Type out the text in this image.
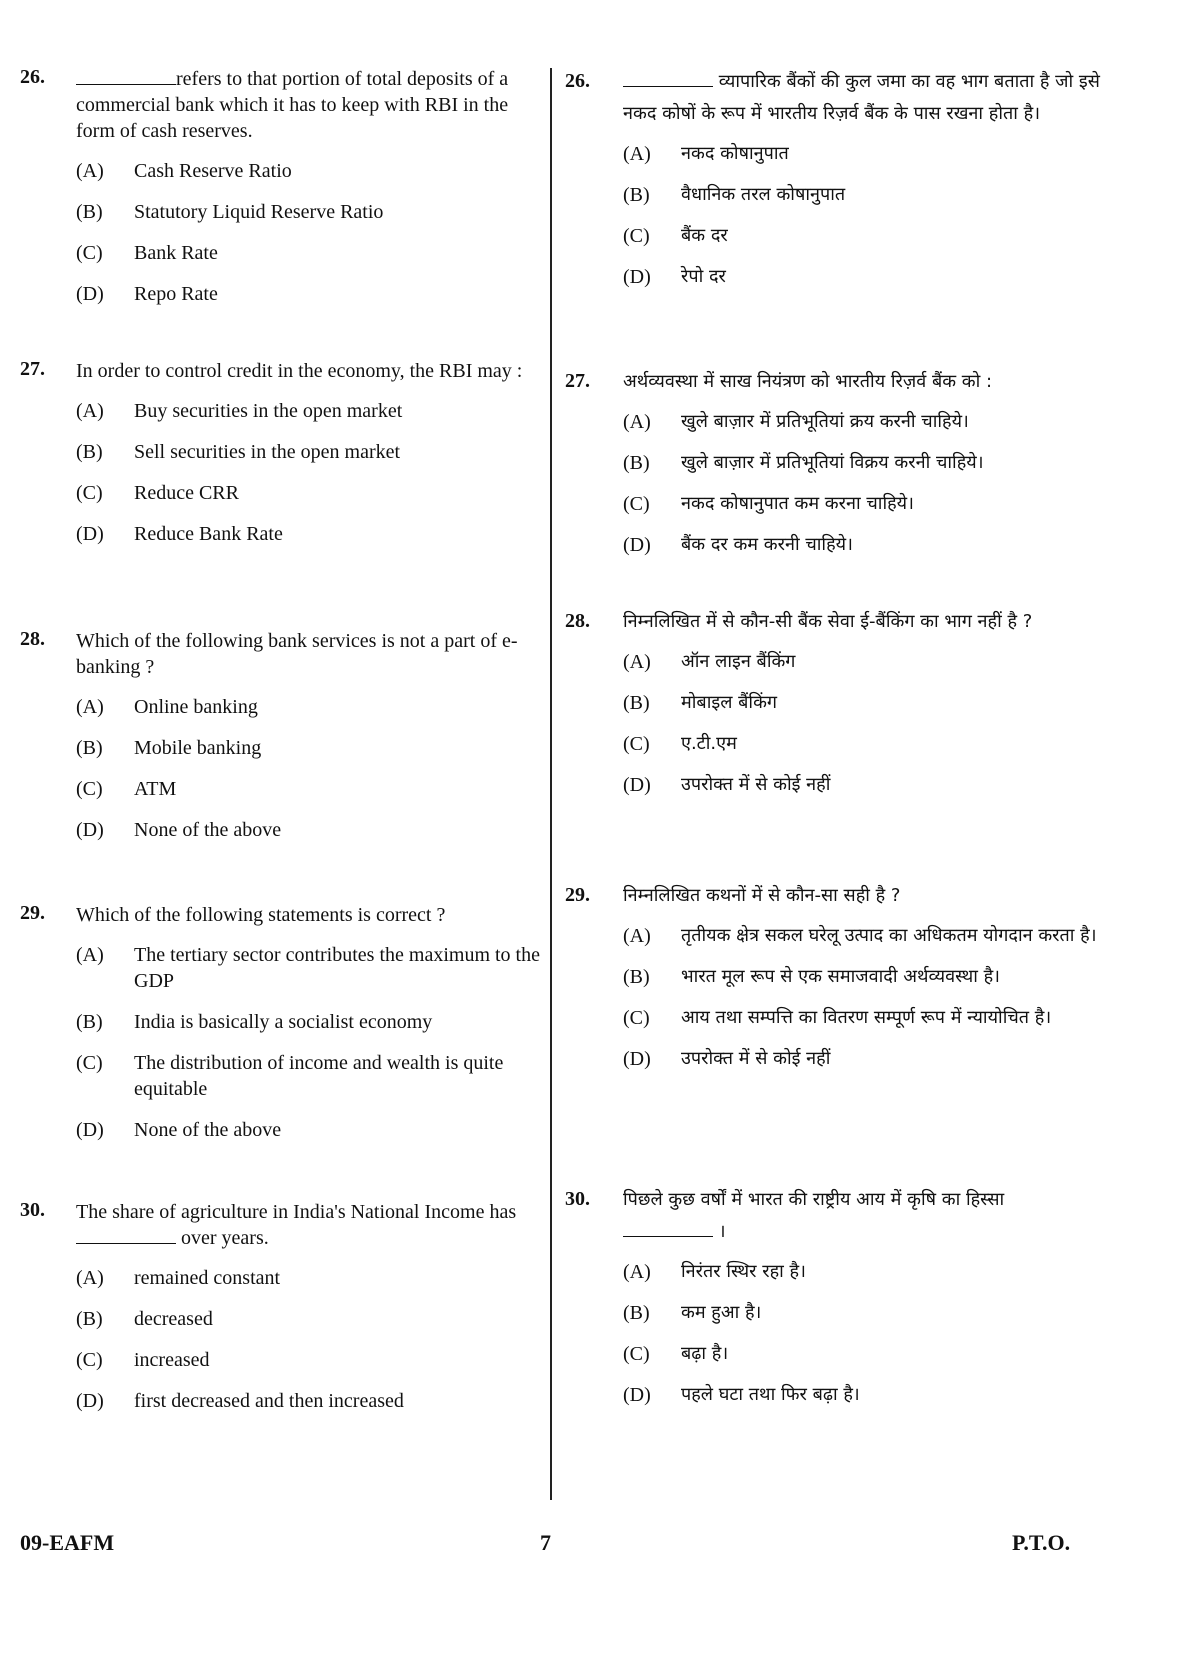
26.	refers to that portion of total deposits of a commercial bank which it has to keep with RBI in the form of cash reserves.
(A) Cash Reserve Ratio
(B) Statutory Liquid Reserve Ratio
(C) Bank Rate
(D) Repo Rate
27. In order to control credit in the economy, the RBI may :
(A) Buy securities in the open market
(B) Sell securities in the open market
(C) Reduce CRR
(D) Reduce Bank Rate
28. Which of the following bank services is not a part of e-banking ?
(A) Online banking
(B) Mobile banking
(C) ATM
(D) None of the above
29. Which of the following statements is correct ?
(A) The tertiary sector contributes the maximum to the GDP
(B) India is basically a socialist economy
(C) The distribution of income and wealth is quite equitable
(D) None of the above
30. The share of agriculture in India's National Income has  over years.
(A) remained constant
(B) decreased
(C) increased
(D) first decreased and then increased
26.	व्यापारिक बैंकों की कुल जमा का वह भाग बताता है जो इसे नकद कोषों के रूप में भारतीय रिज़र्व बैंक के पास रखना होता है।
(A) नकद कोषानुपात
(B) वैधानिक तरल कोषानुपात
(C) बैंक दर
(D) रेपो दर
27. अर्थव्यवस्था में साख नियंत्रण को भारतीय रिज़र्व बैंक को :
(A) खुले बाज़ार में प्रतिभूतियां क्रय करनी चाहिये।
(B) खुले बाज़ार में प्रतिभूतियां विक्रय करनी चाहिये।
(C) नकद कोषानुपात कम करना चाहिये।
(D) बैंक दर कम करनी चाहिये।
28. निम्नलिखित में से कौन-सी बैंक सेवा ई-बैंकिंग का भाग नहीं है ?
(A) ऑन लाइन बैंकिंग
(B) मोबाइल बैंकिंग
(C) ए.टी.एम
(D) उपरोक्त में से कोई नहीं
29. निम्नलिखित कथनों में से कौन-सा सही है ?
(A) तृतीयक क्षेत्र सकल घरेलू उत्पाद का अधिकतम योगदान करता है।
(B) भारत मूल रूप से एक समाजवादी अर्थव्यवस्था है।
(C) आय तथा सम्पत्ति का वितरण सम्पूर्ण रूप में न्यायोचित है।
(D) उपरोक्त में से कोई नहीं
30. पिछले कुछ वर्षों में भारत की राष्ट्रीय आय में कृषि का हिस्सा
।
(A) निरंतर स्थिर रहा है।
(B) कम हुआ है।
(C) बढ़ा है।
(D) पहले घटा तथा फिर बढ़ा है।
09-EAFM	7	P.T.O.
